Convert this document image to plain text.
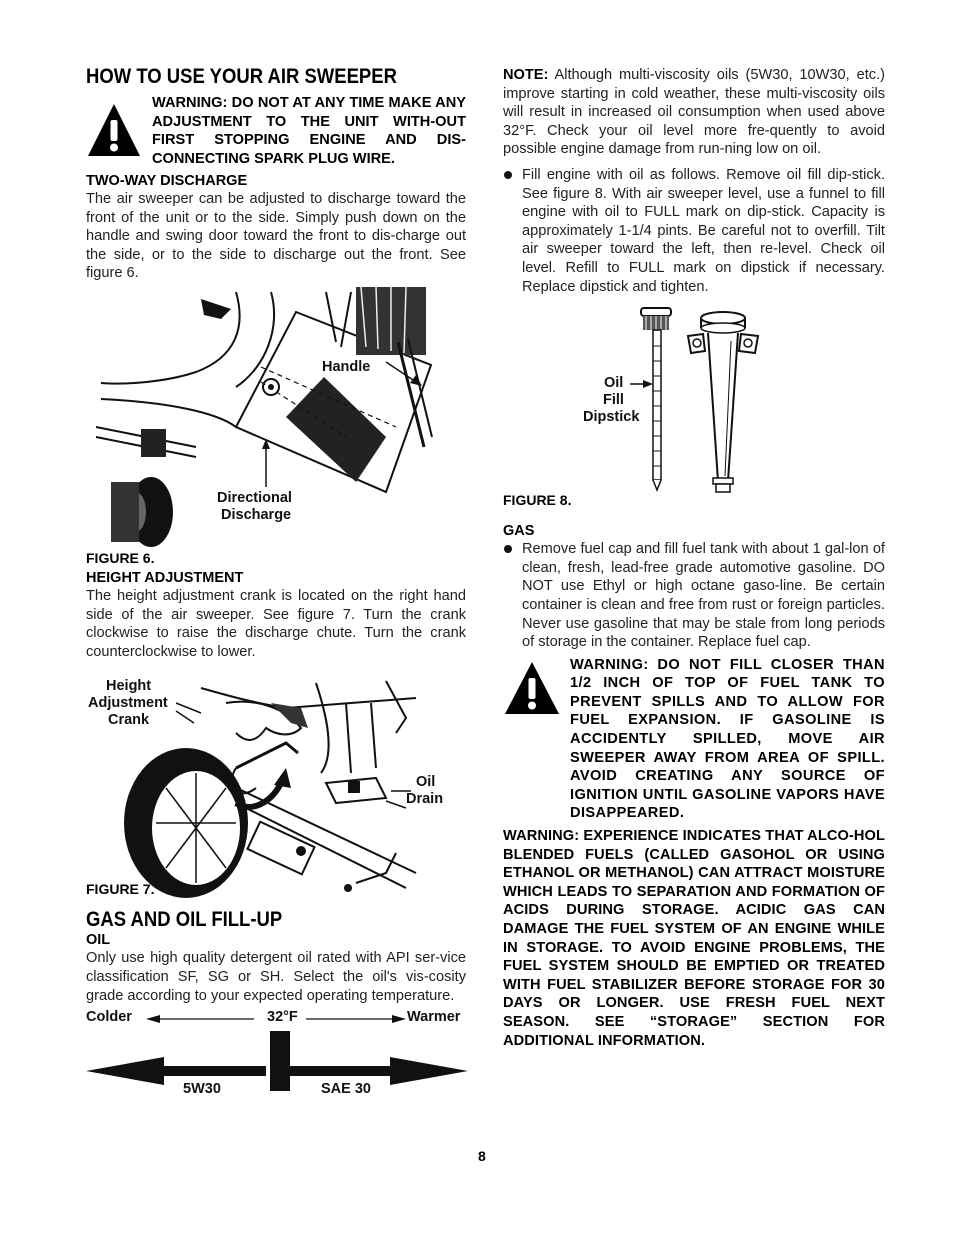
HOW TO USE YOUR AIR SWEEPER
WARNING: DO NOT AT ANY TIME MAKE ANY ADJUSTMENT TO THE UNIT WITH-OUT FIRST STOPPING ENGINE AND DIS-CONNECTING SPARK PLUG WIRE.
TWO-WAY DISCHARGE
The air sweeper can be adjusted to discharge toward the front of the unit or to the side. Simply push down on the handle and swing door toward the front to dis-charge out the side, or to the side to discharge out the front. See figure 6.
Handle
Directional
Discharge
FIGURE 6.
HEIGHT ADJUSTMENT
The height adjustment crank is located on the right hand side of the air sweeper. See figure 7. Turn the crank clockwise to raise the discharge chute. Turn the crank counterclockwise to lower.
Height
Adjustment
Crank
Oil
Drain
FIGURE 7.
GAS AND OIL FILL-UP
OIL
Only use high quality detergent oil rated with API ser-vice classification SF, SG or SH. Select the oil's vis-cosity grade according to your expected operating temperature.
Colder	32°F	Warmer
5W30	SAE 30
NOTE: Although multi-viscosity oils (5W30, 10W30, etc.) improve starting in cold weather, these multi-viscosity oils will result in increased oil consumption when used above 32°F. Check your oil level more fre-quently to avoid possible engine damage from run-ning low on oil.
Fill engine with oil as follows. Remove oil fill dip-stick. See figure 8. With air sweeper level, use a funnel to fill engine with oil to FULL mark on dip-stick. Capacity is approximately 1-1/4 pints. Be careful not to overfill. Tilt air sweeper toward the left, then re-level. Check oil level. Refill to FULL mark on dipstick if necessary. Replace dipstick and tighten.
Oil
Fill
Dipstick
FIGURE 8.
GAS
Remove fuel cap and fill fuel tank with about 1 gal-lon of clean, fresh, lead-free grade automotive gasoline. DO NOT use Ethyl or high octane gaso-line. Be certain container is clean and free from rust or foreign particles. Never use gasoline that may be stale from long periods of storage in the container. Replace fuel cap.
WARNING: DO NOT FILL CLOSER THAN 1/2 INCH OF TOP OF FUEL TANK TO PREVENT SPILLS AND TO ALLOW FOR FUEL EXPANSION. IF GASOLINE IS ACCIDENTLY SPILLED, MOVE AIR SWEEPER AWAY FROM AREA OF SPILL. AVOID CREATING ANY SOURCE OF IGNITION UNTIL GASOLINE VAPORS HAVE DISAPPEARED.
WARNING: EXPERIENCE INDICATES THAT ALCO-HOL BLENDED FUELS (CALLED GASOHOL OR USING ETHANOL OR METHANOL) CAN ATTRACT MOISTURE WHICH LEADS TO SEPARATION AND FORMATION OF ACIDS DURING STORAGE. ACIDIC GAS CAN DAMAGE THE FUEL SYSTEM OF AN ENGINE WHILE IN STORAGE. TO AVOID ENGINE PROBLEMS, THE FUEL SYSTEM SHOULD BE EMPTIED OR TREATED WITH FUEL STABILIZER BEFORE STORAGE FOR 30 DAYS OR LONGER. USE FRESH FUEL NEXT SEASON. SEE “STORAGE” SECTION FOR ADDITIONAL INFORMATION.
8
